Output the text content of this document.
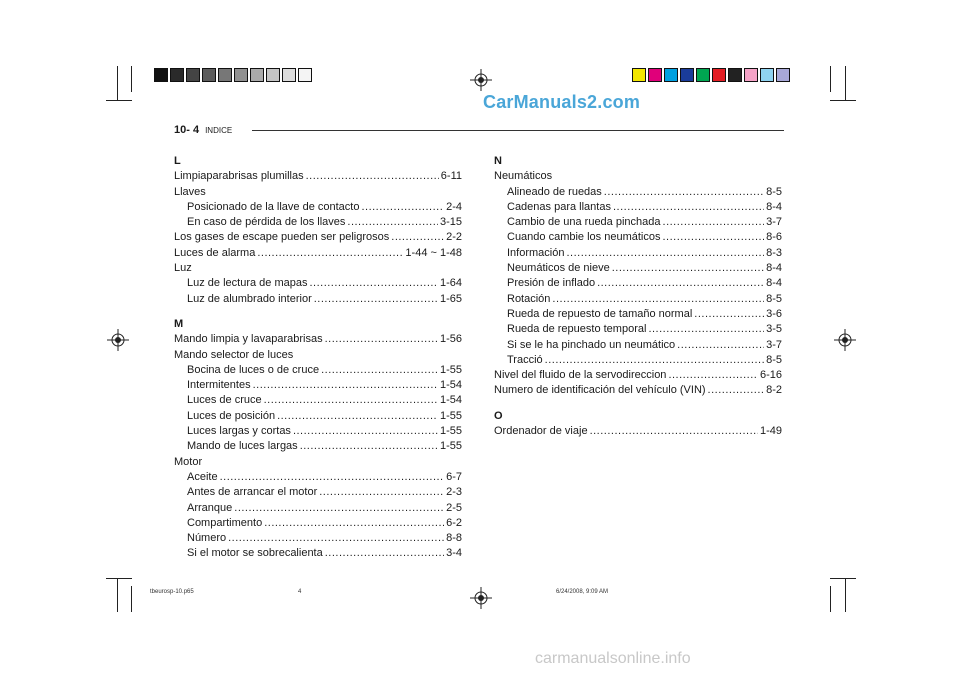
CarManuals2.com
10- 4 INDICE
L
Limpiaparabrisas plumillas .....	6-11
Llaves
Posicionado de la llave de contacto .....	2-4
En caso de pérdida de los llaves .....	3-15
Los gases de escape pueden ser peligrosos .....	2-2
Luces de alarma .....	1-44 ~ 1-48
Luz
Luz de lectura de mapas .....	1-64
Luz de alumbrado interior .....	1-65
M
Mando limpia y lavaparabrisas .....	1-56
Mando selector de luces
Bocina de luces o de cruce .....	1-55
Intermitentes .....	1-54
Luces de cruce .....	1-54
Luces de posición .....	1-55
Luces largas y cortas .....	1-55
Mando de luces largas .....	1-55
Motor
Aceite .....	6-7
Antes de arrancar el motor .....	2-3
Arranque .....	2-5
Compartimento .....	6-2
Número .....	8-8
Si el motor se sobrecalienta .....	3-4
N
Neumáticos
Alineado de ruedas .....	8-5
Cadenas para llantas .....	8-4
Cambio de una rueda pinchada .....	3-7
Cuando cambie los neumáticos .....	8-6
Información .....	8-3
Neumáticos de nieve .....	8-4
Presión de inflado .....	8-4
Rotación .....	8-5
Rueda de repuesto de tamaño normal .....	3-6
Rueda de repuesto temporal .....	3-5
Si se le ha pinchado un neumático .....	3-7
Tracció .....	8-5
Nivel del fluido de la servodireccion .....	6-16
Numero de identificación del vehículo (VIN) .....	8-2
O
Ordenador de viaje .....	1-49
tbeurosp-10.p65	4	6/24/2008, 9:09 AM
carmanualsonline.info
